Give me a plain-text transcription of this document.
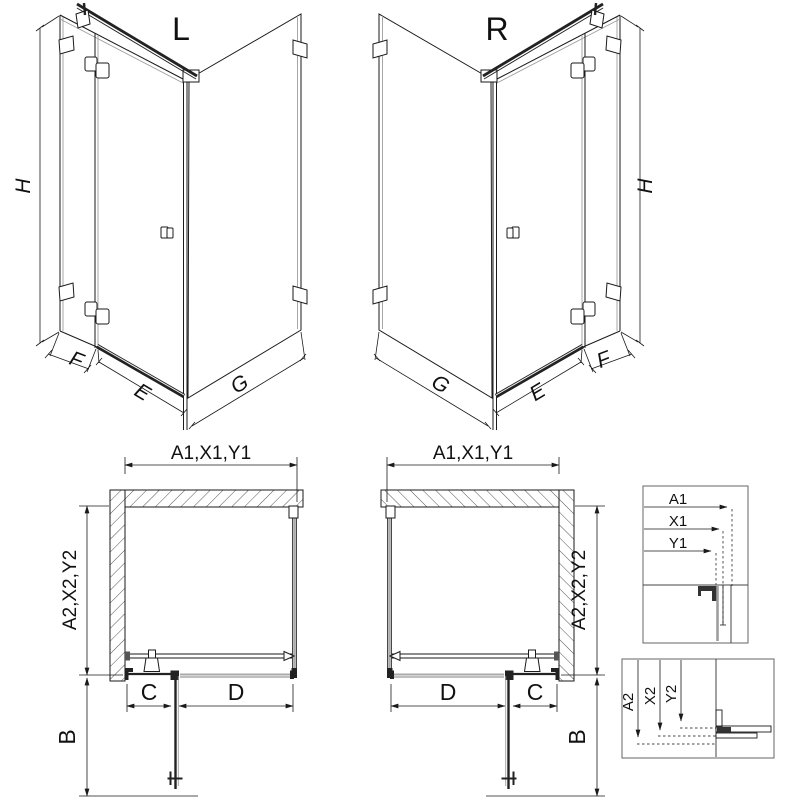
L
H
F
E	G
R
H
F
E
G
A1,X1,Y1
A2,X2,Y2
C	D
B
A1,X1,Y1
A2,X2,Y2
C
D
B
A1
X1
Y1
A2 X2 Y2
